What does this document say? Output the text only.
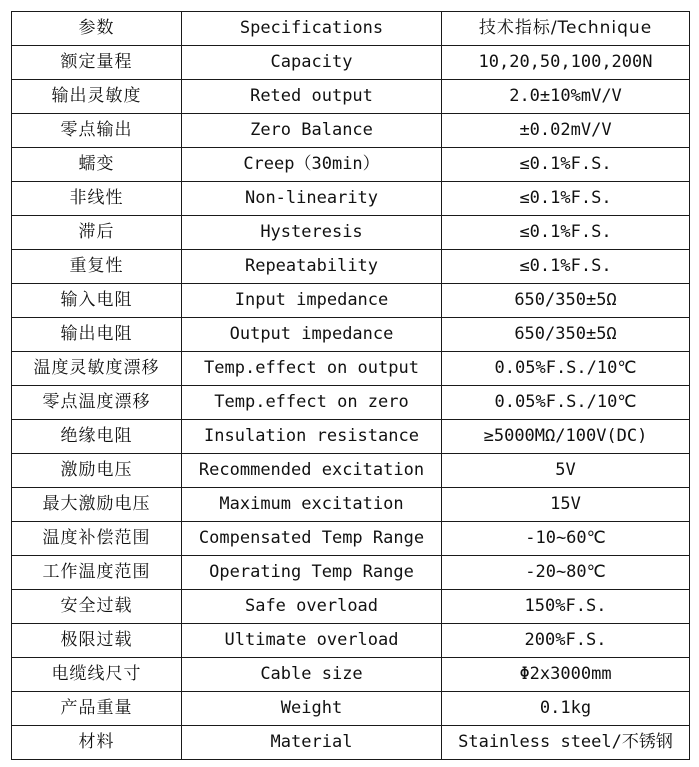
参数	Specifications	技术指标/Technique
额定量程	Capacity	10,20,50,100,200N
输出灵敏度	Reted output	2.0±10%mV/V
零点输出	Zero Balance	±0.02mV/V
蠕变	Creep（30min）	≤0.1%F.S.
非线性	Non-linearity	≤0.1%F.S.
滞后	Hysteresis	≤0.1%F.S.
重复性	Repeatability	≤0.1%F.S.
输入电阻	Input impedance	650/350±5Ω
输出电阻	Output impedance	650/350±5Ω
温度灵敏度漂移	Temp.effect on output	0.05%F.S./10℃
零点温度漂移	Temp.effect on zero	0.05%F.S./10℃
绝缘电阻	Insulation resistance	≥5000MΩ/100V(DC)
激励电压	Recommended excitation	5V
最大激励电压	Maximum excitation	15V
温度补偿范围	Compensated Temp Range	-10~60℃
工作温度范围	Operating Temp Range	-20~80℃
安全过载	Safe overload	150%F.S.
极限过载	Ultimate overload	200%F.S.
电缆线尺寸	Cable size	Φ2x3000mm
产品重量	Weight	0.1kg
材料	Material	Stainless steel/不锈钢
